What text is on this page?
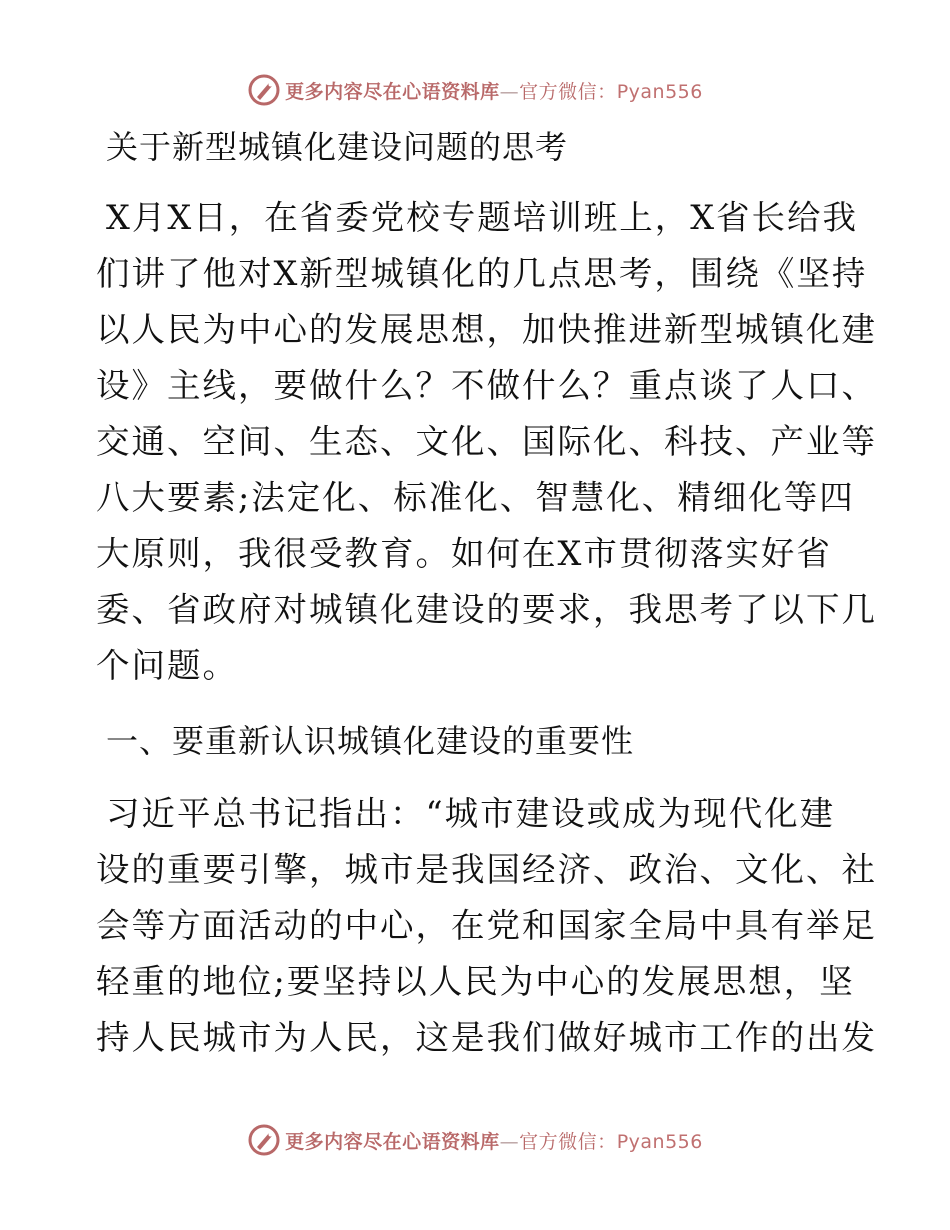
更多内容尽在心语资料库—官方微信：Pyan556
关于新型城镇化建设问题的思考

X月X日，在省委党校专题培训班上，X省长给我
们讲了他对X新型城镇化的几点思考，围绕《坚持
以人民为中心的发展思想，加快推进新型城镇化建
设》主线，要做什么？不做什么？重点谈了人口、
交通、空间、生态、文化、国际化、科技、产业等
八大要素;法定化、标准化、智慧化、精细化等四
大原则，我很受教育。如何在X市贯彻落实好省
委、省政府对城镇化建设的要求，我思考了以下几
个问题。

一、要重新认识城镇化建设的重要性

习近平总书记指出：“城市建设或成为现代化建
设的重要引擎，城市是我国经济、政治、文化、社
会等方面活动的中心，在党和国家全局中具有举足
轻重的地位;要坚持以人民为中心的发展思想，坚
持人民城市为人民，这是我们做好城市工作的出发

更多内容尽在心语资料库—官方微信：Pyan556
